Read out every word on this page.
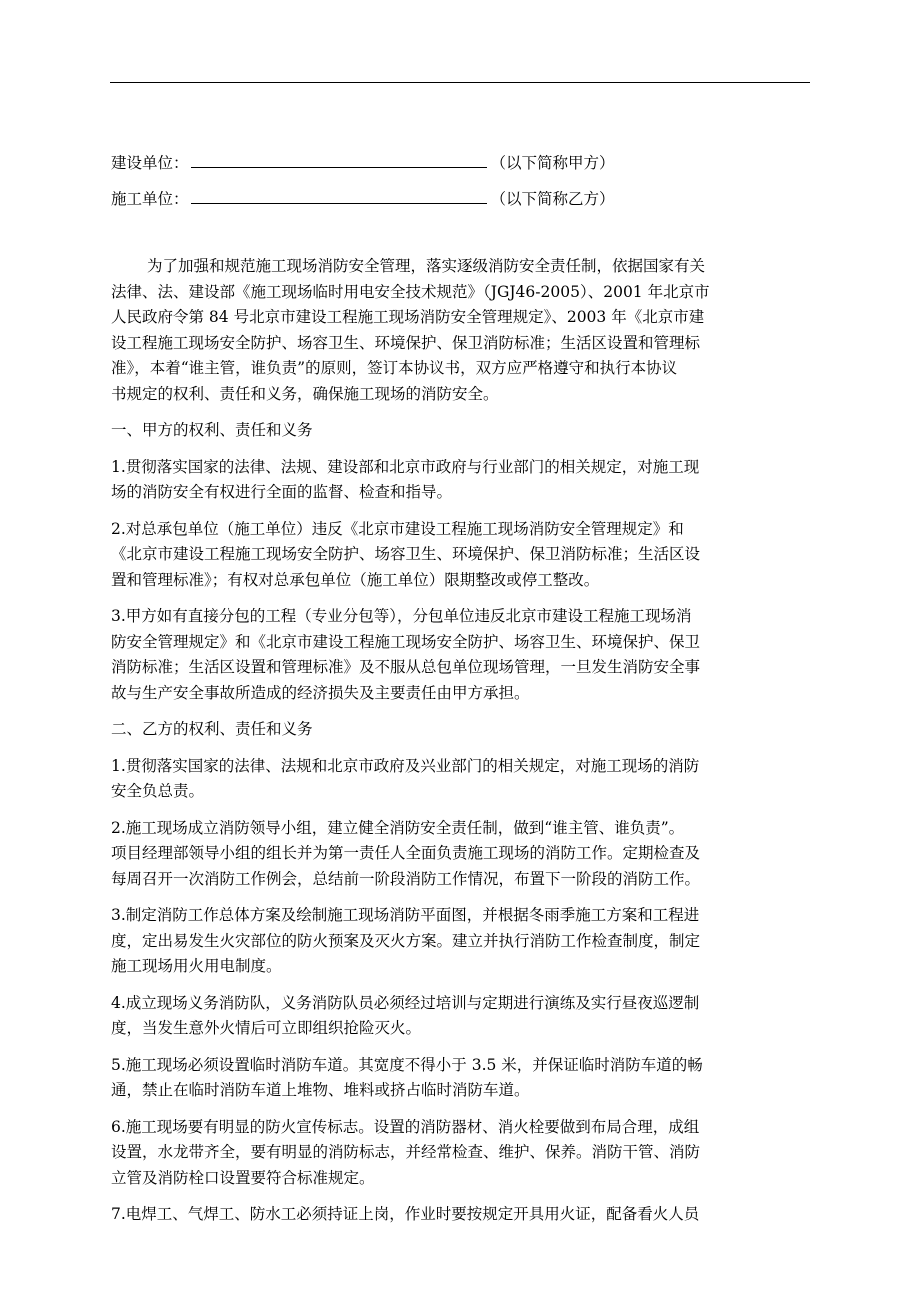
建设单位：	（以下简称甲方）
施工单位：	（以下简称乙方）

为了加强和规范施工现场消防安全管理，落实逐级消防安全责任制，依据国家有关
法律、法、建设部《施工现场临时用电安全技术规范》（JGJ46-2005）、2001 年北京市
人民政府令第 84 号北京市建设工程施工现场消防安全管理规定》、2003 年《北京市建
设工程施工现场安全防护、场容卫生、环境保护、保卫消防标准；生活区设置和管理标
准》，本着“谁主管，谁负责”的原则，签订本协议书，双方应严格遵守和执行本协议
书规定的权利、责任和义务，确保施工现场的消防安全。

一、甲方的权利、责任和义务

1.贯彻落实国家的法律、法规、建设部和北京市政府与行业部门的相关规定，对施工现
场的消防安全有权进行全面的监督、检查和指导。

2.对总承包单位（施工单位）违反《北京市建设工程施工现场消防安全管理规定》和
《北京市建设工程施工现场安全防护、场容卫生、环境保护、保卫消防标准；生活区设
置和管理标准》；有权对总承包单位（施工单位）限期整改或停工整改。

3.甲方如有直接分包的工程（专业分包等），分包单位违反北京市建设工程施工现场消
防安全管理规定》和《北京市建设工程施工现场安全防护、场容卫生、环境保护、保卫
消防标准；生活区设置和管理标准》及不服从总包单位现场管理，一旦发生消防安全事
故与生产安全事故所造成的经济损失及主要责任由甲方承担。

二、乙方的权利、责任和义务

1.贯彻落实国家的法律、法规和北京市政府及兴业部门的相关规定，对施工现场的消防
安全负总责。

2.施工现场成立消防领导小组，建立健全消防安全责任制，做到“谁主管、谁负责”。
项目经理部领导小组的组长并为第一责任人全面负责施工现场的消防工作。定期检查及
每周召开一次消防工作例会，总结前一阶段消防工作情况，布置下一阶段的消防工作。

3.制定消防工作总体方案及绘制施工现场消防平面图，并根据冬雨季施工方案和工程进
度，定出易发生火灾部位的防火预案及灭火方案。建立并执行消防工作检查制度，制定
施工现场用火用电制度。

4.成立现场义务消防队，义务消防队员必须经过培训与定期进行演练及实行昼夜巡逻制
度，当发生意外火情后可立即组织抢险灭火。

5.施工现场必须设置临时消防车道。其宽度不得小于 3.5 米，并保证临时消防车道的畅
通，禁止在临时消防车道上堆物、堆料或挤占临时消防车道。

6.施工现场要有明显的防火宣传标志。设置的消防器材、消火栓要做到布局合理，成组
设置，水龙带齐全，要有明显的消防标志，并经常检查、维护、保养。消防干管、消防
立管及消防栓口设置要符合标准规定。

7.电焊工、气焊工、防水工必须持证上岗，作业时要按规定开具用火证，配备看火人员
